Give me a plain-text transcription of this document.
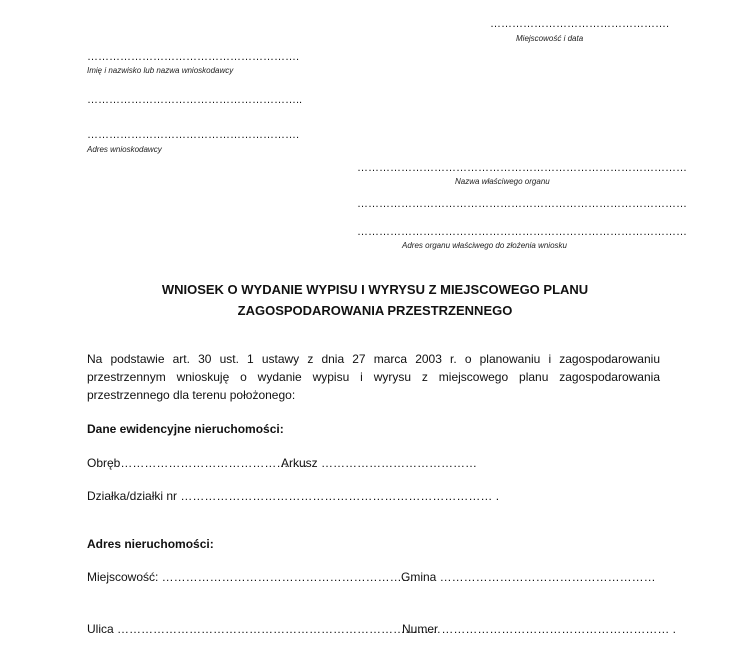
………………………………………….
Miejscowość i data
………………………………………………….
Imię i nazwisko lub nazwa wnioskodawcy
…………………………………………………..
………………………………………………….
Adres wnioskodawcy
………………………………………………………………………………
Nazwa właściwego organu
………………………………………………………………………………
………………………………………………………………………………
Adres organu właściwego do złożenia wniosku
WNIOSEK O WYDANIE WYPISU I WYRYSU Z MIEJSCOWEGO PLANU
ZAGOSPODAROWANIA PRZESTRZENNEGO
Na podstawie art. 30 ust. 1 ustawy z dnia 27 marca 2003 r. o planowaniu i zagospodarowaniu przestrzennym wnioskuję o wydanie wypisu i wyrysu z miejscowego planu zagospodarowania przestrzennego dla terenu położonego:
Dane ewidencyjne nieruchomości:
Obręb………………………………………..
Arkusz …………………………………
Działka/działki nr …………………………………………………………………… .
Adres nieruchomości:
Miejscowość: ……………………………………………………….
Gmina ………………………………………………
Ulica ………………………………………………………………………
Numer ………………………………………………… .
